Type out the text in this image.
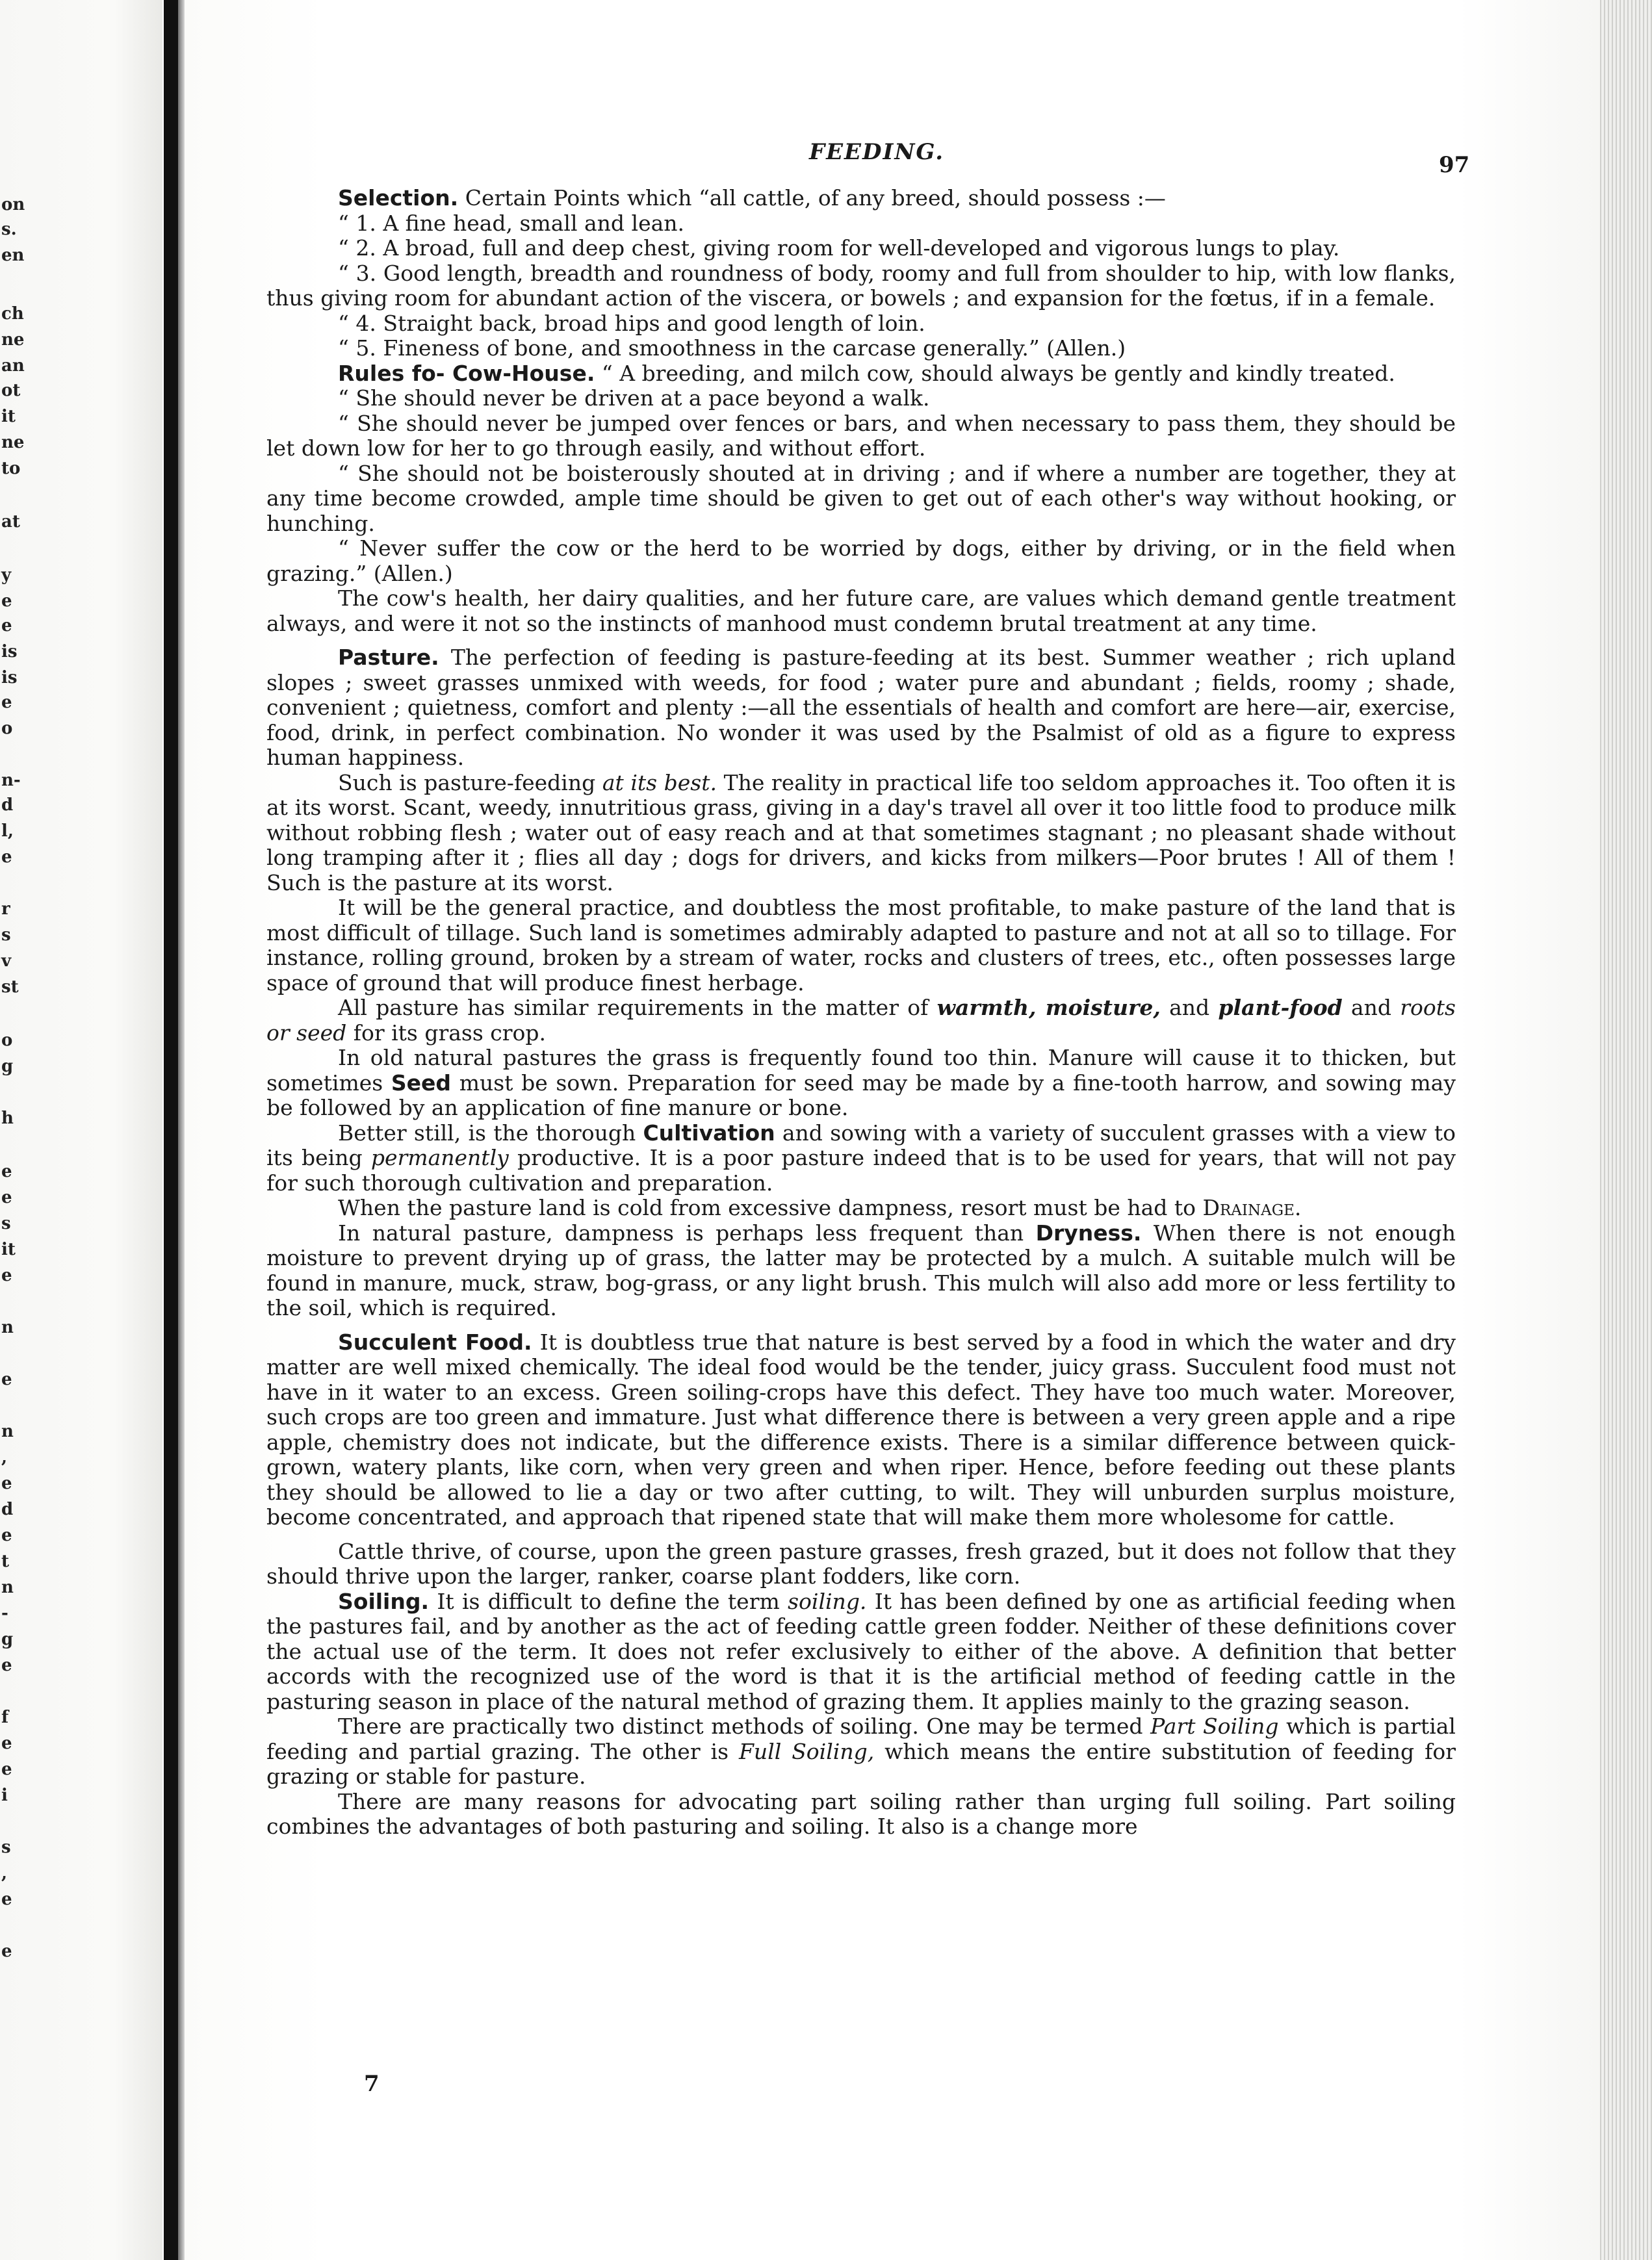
on
s.
en
ch
ne
an
ot
it
ne
to
at
y
e
e
is
is
e
o
n-
d
l,
e
r
s
v
st
o
g
h
e
e
s
it
e
n
e
n
,
e
d
e
t
n
-
g
e
f
e
e
i
s
,
e
e
FEEDING.	97

Selection. Certain Points which “all cattle, of any breed, should possess :—

“ 1. A fine head, small and lean.

“ 2. A broad, full and deep chest, giving room for well-developed and vigorous lungs to play.

“ 3. Good length, breadth and roundness of body, roomy and full from shoulder to hip, with low flanks, thus giving room for abundant action of the viscera, or bowels ; and expansion for the fœtus, if in a female.

“ 4. Straight back, broad hips and good length of loin.

“ 5. Fineness of bone, and smoothness in the carcase generally.” (Allen.)

Rules fo- Cow-House. “ A breeding, and milch cow, should always be gently and kindly treated.

“ She should never be driven at a pace beyond a walk.

“ She should never be jumped over fences or bars, and when necessary to pass them, they should be let down low for her to go through easily, and without effort.

“ She should not be boisterously shouted at in driving ; and if where a number are together, they at any time become crowded, ample time should be given to get out of each other's way without hooking, or hunching.

“ Never suffer the cow or the herd to be worried by dogs, either by driving, or in the field when grazing.” (Allen.)

The cow's health, her dairy qualities, and her future care, are values which demand gentle treatment always, and were it not so the instincts of manhood must condemn brutal treatment at any time.

Pasture. The perfection of feeding is pasture-feeding at its best. Summer weather ; rich upland slopes ; sweet grasses unmixed with weeds, for food ; water pure and abundant ; fields, roomy ; shade, convenient ; quietness, comfort and plenty :—all the essentials of health and comfort are here—air, exercise, food, drink, in perfect combination. No wonder it was used by the Psalmist of old as a figure to express human happiness.

Such is pasture-feeding at its best. The reality in practical life too seldom approaches it. Too often it is at its worst. Scant, weedy, innutritious grass, giving in a day's travel all over it too little food to produce milk without robbing flesh ; water out of easy reach and at that sometimes stagnant ; no pleasant shade without long tramping after it ; flies all day ; dogs for drivers, and kicks from milkers—Poor brutes ! All of them ! Such is the pasture at its worst.

It will be the general practice, and doubtless the most profitable, to make pasture of the land that is most difficult of tillage. Such land is sometimes admirably adapted to pasture and not at all so to tillage. For instance, rolling ground, broken by a stream of water, rocks and clusters of trees, etc., often possesses large space of ground that will produce finest herbage.

All pasture has similar requirements in the matter of warmth, moisture, and plant-food and roots or seed for its grass crop.

In old natural pastures the grass is frequently found too thin. Manure will cause it to thicken, but sometimes Seed must be sown. Preparation for seed may be made by a fine-tooth harrow, and sowing may be followed by an application of fine manure or bone.

Better still, is the thorough Cultivation and sowing with a variety of succulent grasses with a view to its being permanently productive. It is a poor pasture indeed that is to be used for years, that will not pay for such thorough cultivation and preparation.

When the pasture land is cold from excessive dampness, resort must be had to Drainage.

In natural pasture, dampness is perhaps less frequent than Dryness. When there is not enough moisture to prevent drying up of grass, the latter may be protected by a mulch. A suitable mulch will be found in manure, muck, straw, bog-grass, or any light brush. This mulch will also add more or less fertility to the soil, which is required.

Succulent Food. It is doubtless true that nature is best served by a food in which the water and dry matter are well mixed chemically. The ideal food would be the tender, juicy grass. Succulent food must not have in it water to an excess. Green soiling-crops have this defect. They have too much water. Moreover, such crops are too green and immature. Just what difference there is between a very green apple and a ripe apple, chemistry does not indicate, but the difference exists. There is a similar difference between quick-grown, watery plants, like corn, when very green and when riper. Hence, before feeding out these plants they should be allowed to lie a day or two after cutting, to wilt. They will unburden surplus moisture, become concentrated, and approach that ripened state that will make them more wholesome for cattle.

Cattle thrive, of course, upon the green pasture grasses, fresh grazed, but it does not follow that they should thrive upon the larger, ranker, coarse plant fodders, like corn.

Soiling. It is difficult to define the term soiling. It has been defined by one as artificial feeding when the pastures fail, and by another as the act of feeding cattle green fodder. Neither of these definitions cover the actual use of the term. It does not refer exclusively to either of the above. A definition that better accords with the recognized use of the word is that it is the artificial method of feeding cattle in the pasturing season in place of the natural method of grazing them. It applies mainly to the grazing season.

There are practically two distinct methods of soiling. One may be termed Part Soiling which is partial feeding and partial grazing. The other is Full Soiling, which means the entire substitution of feeding for grazing or stable for pasture.

There are many reasons for advocating part soiling rather than urging full soiling. Part soiling combines the advantages of both pasturing and soiling. It also is a change more

7
